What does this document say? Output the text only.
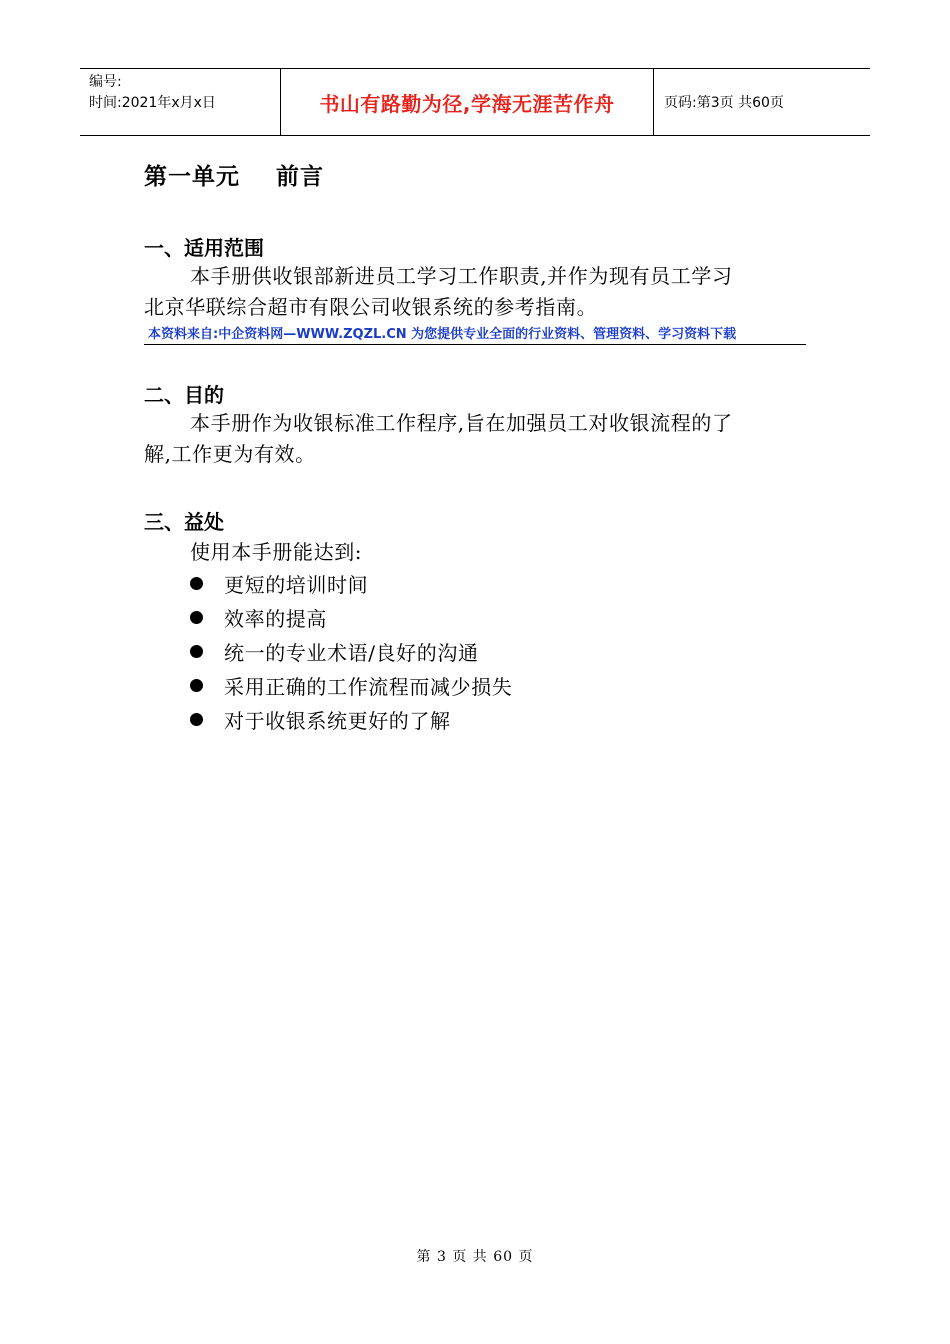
编号:
时间:2021年x月x日	书山有路勤为径,学海无涯苦作舟	页码:第3页 共60页
第一单元    前言
一、适用范围
本手册供收银部新进员工学习工作职责,并作为现有员工学习
北京华联综合超市有限公司收银系统的参考指南。
本资料来自:中企资料网—WWW.ZQZL.CN 为您提供专业全面的行业资料、管理资料、学习资料下载
二、目的
本手册作为收银标准工作程序,旨在加强员工对收银流程的了
解,工作更为有效。
三、益处
使用本手册能达到:
更短的培训时间
效率的提高
统一的专业术语/良好的沟通
采用正确的工作流程而减少损失
对于收银系统更好的了解
第 3 页 共 60 页
